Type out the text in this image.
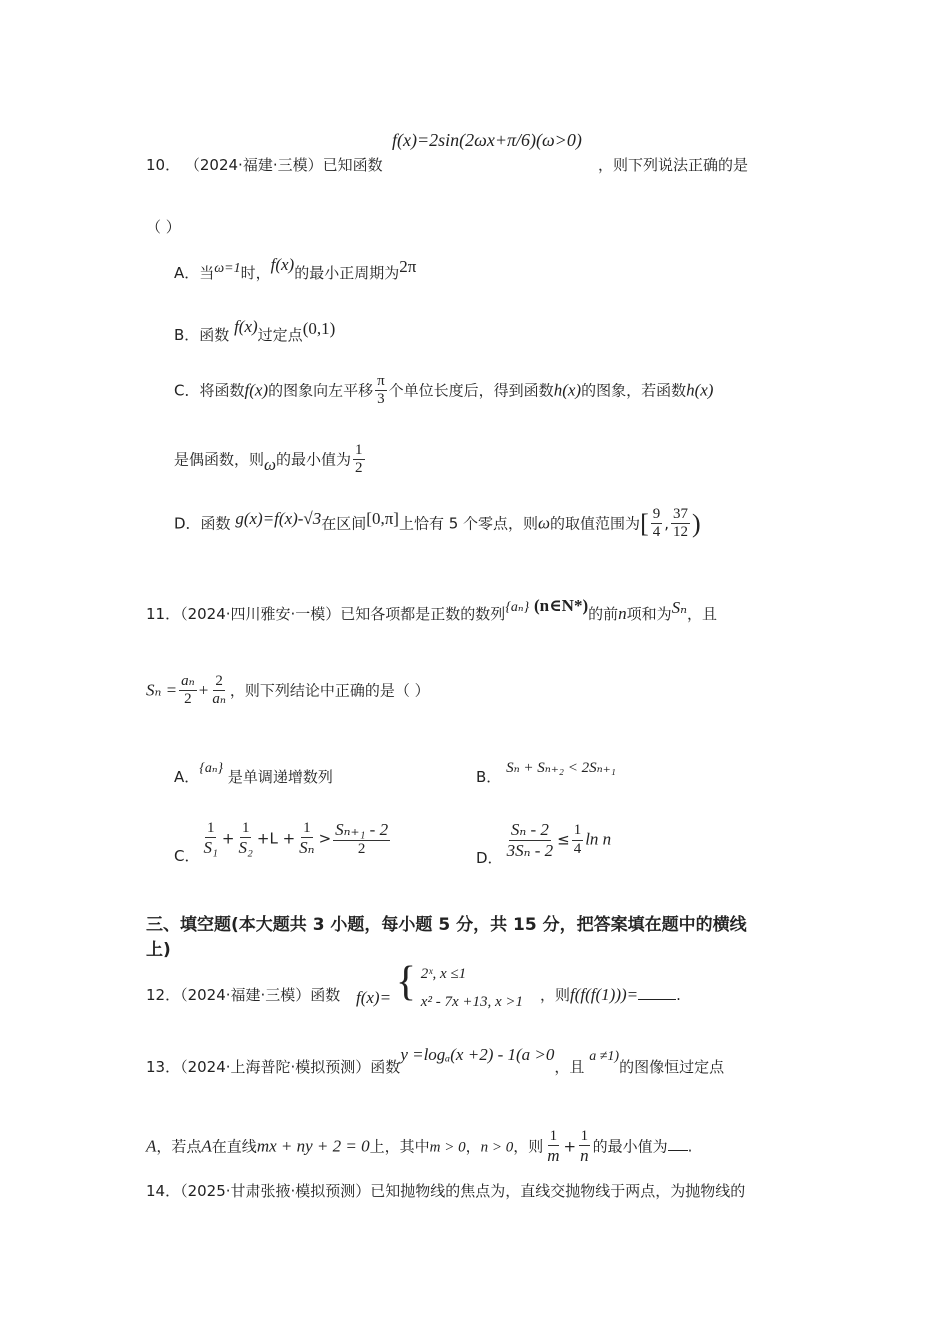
10． （2024·福建·三模）已知函数
f(x)=2sin(2ωx+π/6)(ω>0)
，则下列说法正确的是
（ ）
A．当ω=1时，f(x)的最小正周期为2π
B．函数 f(x)过定点(0,1)
C．将函数f(x)的图象向左平移 $\frac{\pi}{3}$ 个单位长度后，得到函数h(x)的图象，若函数h(x)
是偶函数，则ω的最小值为 $\frac{1}{2}$
D．函数 g(x)=f(x)-√3在区间[0,π]上恰有 5 个零点，则ω的取值范围为[ $\frac{9}{4}$ , $\frac{37}{12}$ )
11．（2024·四川雅安·一模）已知各项都是正数的数列{aₙ} (n∈N*)的前n项和为Sₙ，且
$S_n = \frac{\text{aₙ}}{2} + \frac{2}{\text{aₙ}}$ ，则下列结论中正确的是（ ）
A．{aₙ} 是单调递增数列	B． Sₙ + Sₙ₊₂ < 2Sₙ₊₁
C． $\frac{1}{\text{S₁}} + \frac{1}{\text{S₂}} +L + \frac{1}{\text{Sₙ}} > \frac{\text{Sₙ₊₁ - 2}}{2}$	D． $\frac{\text{Sₙ - 2}}{\text{3Sₙ - 2}} \le \frac{1}{4}$ ln n
三、填空题(本大题共 3 小题，每小题 5 分，共 15 分，把答案填在题中的横线
上)
12．（2024·福建·三模）函数 f(x)= { 2ˣ, x ≤1
x² - 7x +13, x >1 ，则f(f(f(1)))=	.
13．（2024·上海普陀·模拟预测）函数y =logₐ(x +2) - 1(a >0，且 a ≠1)的图像恒过定点
A，若点A在直线mx + ny + 2 = 0上，其中m > 0，n > 0，则 $\frac{1}{m} + \frac{1}{n}$ 的最小值为 .
14．（2025·甘肃张掖·模拟预测）已知抛物线的焦点为，直线交抛物线于两点，为抛物线的
